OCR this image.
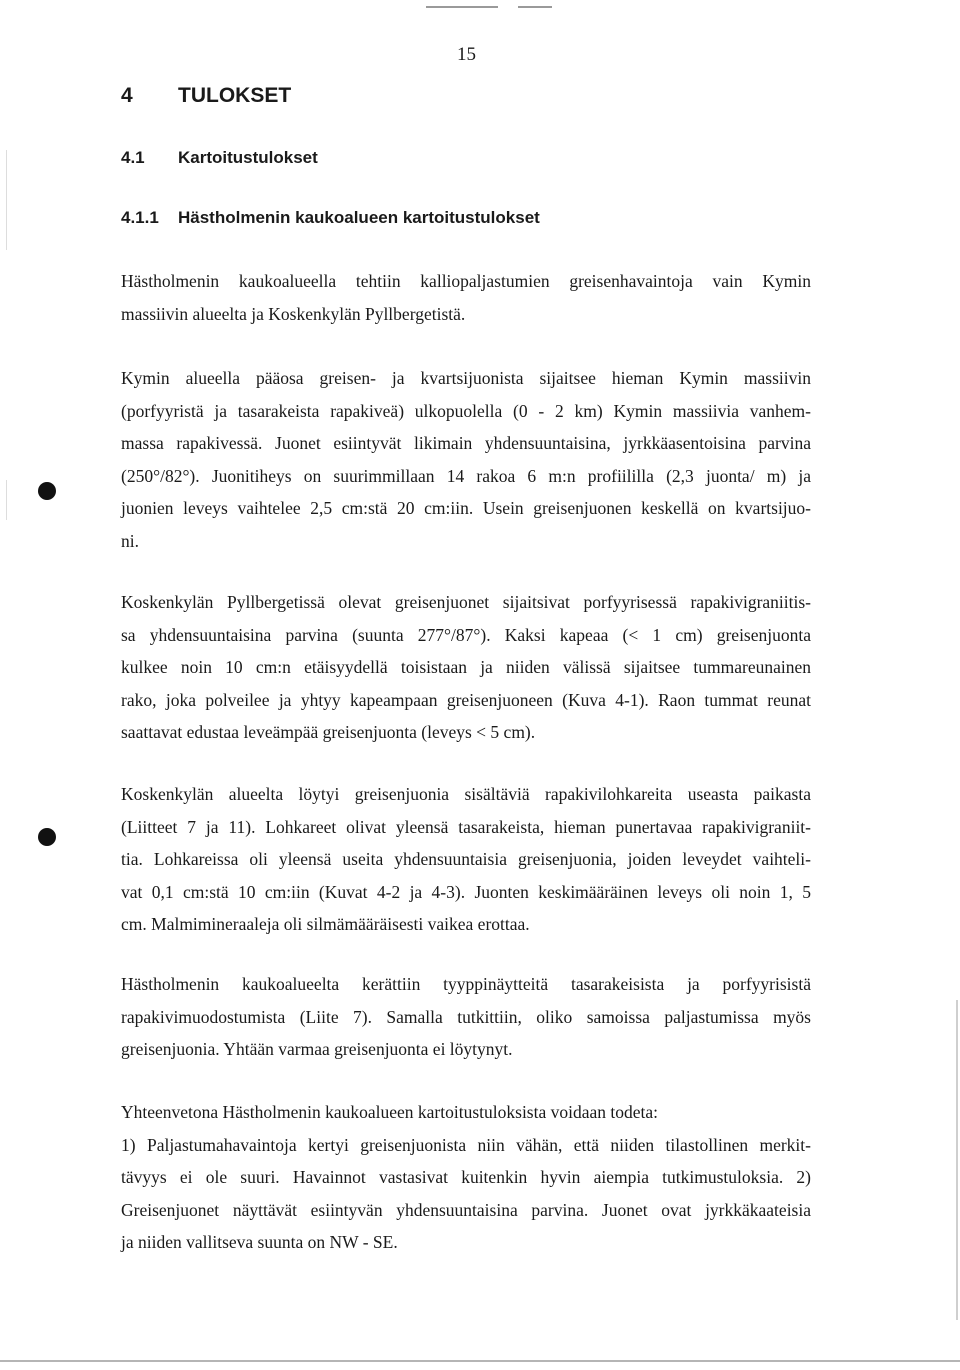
15
4 TULOKSET
4.1 Kartoitustulokset
4.1.1 Hästholmenin kaukoalueen kartoitustulokset
Hästholmenin kaukoalueella tehtiin kalliopaljastumien greisenhavaintoja vain Kymin
massiivin alueelta ja Koskenkylän Pyllbergetistä.
Kymin alueella pääosa greisen- ja kvartsijuonista sijaitsee hieman Kymin massiivin
(porfyyristä ja tasarakeista rapakiveä) ulkopuolella (0 - 2 km) Kymin massiivia vanhem-
massa rapakivessä. Juonet esiintyvät likimain yhdensuuntaisina, jyrkkäasentoisina parvina
(250°/82°). Juonitiheys on suurimmillaan 14 rakoa 6 m:n profiililla (2,3 juonta/ m) ja
juonien leveys vaihtelee 2,5 cm:stä 20 cm:iin. Usein greisenjuonen keskellä on kvartsijuo-
ni.
Koskenkylän Pyllbergetissä olevat greisenjuonet sijaitsivat porfyyrisessä rapakivigraniitis-
sa yhdensuuntaisina parvina (suunta 277°/87°). Kaksi kapeaa (< 1 cm) greisenjuonta
kulkee noin 10 cm:n etäisyydellä toisistaan ja niiden välissä sijaitsee tummareunainen
rako, joka polveilee ja yhtyy kapeampaan greisenjuoneen (Kuva 4-1). Raon tummat reunat
saattavat edustaa leveämpää greisenjuonta (leveys < 5 cm).
Koskenkylän alueelta löytyi greisenjuonia sisältäviä rapakivilohkareita useasta paikasta
(Liitteet 7 ja 11). Lohkareet olivat yleensä tasarakeista, hieman punertavaa rapakivigraniit-
tia. Lohkareissa oli yleensä useita yhdensuuntaisia greisenjuonia, joiden leveydet vaihteli-
vat 0,1 cm:stä 10 cm:iin (Kuvat 4-2 ja 4-3). Juonten keskimääräinen leveys oli noin 1, 5
cm. Malmimineraaleja oli silmämääräisesti vaikea erottaa.
Hästholmenin kaukoalueelta kerättiin tyyppinäytteitä tasarakeisista ja porfyyrisistä
rapakivimuodostumista (Liite 7). Samalla tutkittiin, oliko samoissa paljastumissa myös
greisenjuonia. Yhtään varmaa greisenjuonta ei löytynyt.
Yhteenvetona Hästholmenin kaukoalueen kartoitustuloksista voidaan todeta:
1) Paljastumahavaintoja kertyi greisenjuonista niin vähän, että niiden tilastollinen merkit-
tävyys ei ole suuri. Havainnot vastasivat kuitenkin hyvin aiempia tutkimustuloksia. 2)
Greisenjuonet näyttävät esiintyvän yhdensuuntaisina parvina. Juonet ovat jyrkkäkaateisia
ja niiden vallitseva suunta on NW - SE.
